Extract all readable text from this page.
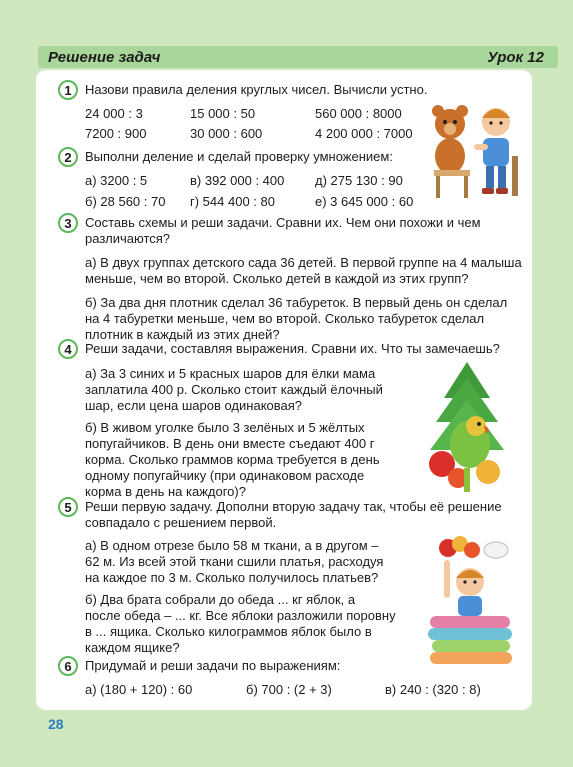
Решение задач	Урок 12
1	Назови правила деления круглых чисел. Вычисли устно.
24 000 : 3	15 000 : 50	560 000 : 8000
7200 : 900	30 000 : 600	4 200 000 : 7000
2	Выполни деление и сделай проверку умножением:
а) 3200 : 5	в) 392 000 : 400 д) 275 130 : 90
б) 28 560 : 70 г) 544 400 : 80	е) 3 645 000 : 60
3	Составь схемы и реши задачи. Сравни их. Чем они похожи и чем
различаются?
а) В двух группах детского сада 36 детей. В первой группе на 4 малыша
меньше, чем во второй. Сколько детей в каждой из этих групп?
б) За два дня плотник сделал 36 табуреток. В первый день он сделал
на 4 табуретки меньше, чем во второй. Сколько табуреток сделал
плотник в каждый из этих дней?
4	Реши задачи, составляя выражения. Сравни их. Что ты замечаешь?
а) За 3 синих и 5 красных шаров для ёлки мама
заплатила 400 р. Сколько стоит каждый ёлочный
шар, если цена шаров одинаковая?
б) В живом уголке было 3 зелёных и 5 жёлтых
попугайчиков. В день они вместе съедают 400 г
корма. Сколько граммов корма требуется в день
одному попугайчику (при одинаковом расходе
корма в день на каждого)?
5	Реши первую задачу. Дополни вторую задачу так, чтобы её решение
совпадало с решением первой.
а) В одном отрезе было 58 м ткани, а в другом –
62 м. Из всей этой ткани сшили платья, расходуя
на каждое по 3 м. Сколько получилось платьев?
б) Два брата собрали до обеда ... кг яблок, а
после обеда – ... кг. Все яблоки разложили поровну
в ... ящика. Сколько килограммов яблок было в
каждом ящике?
6	Придумай и реши задачи по выражениям:
а) (180 + 120) : 60	б) 700 : (2 + 3)	в) 240 : (320 : 8)
28
